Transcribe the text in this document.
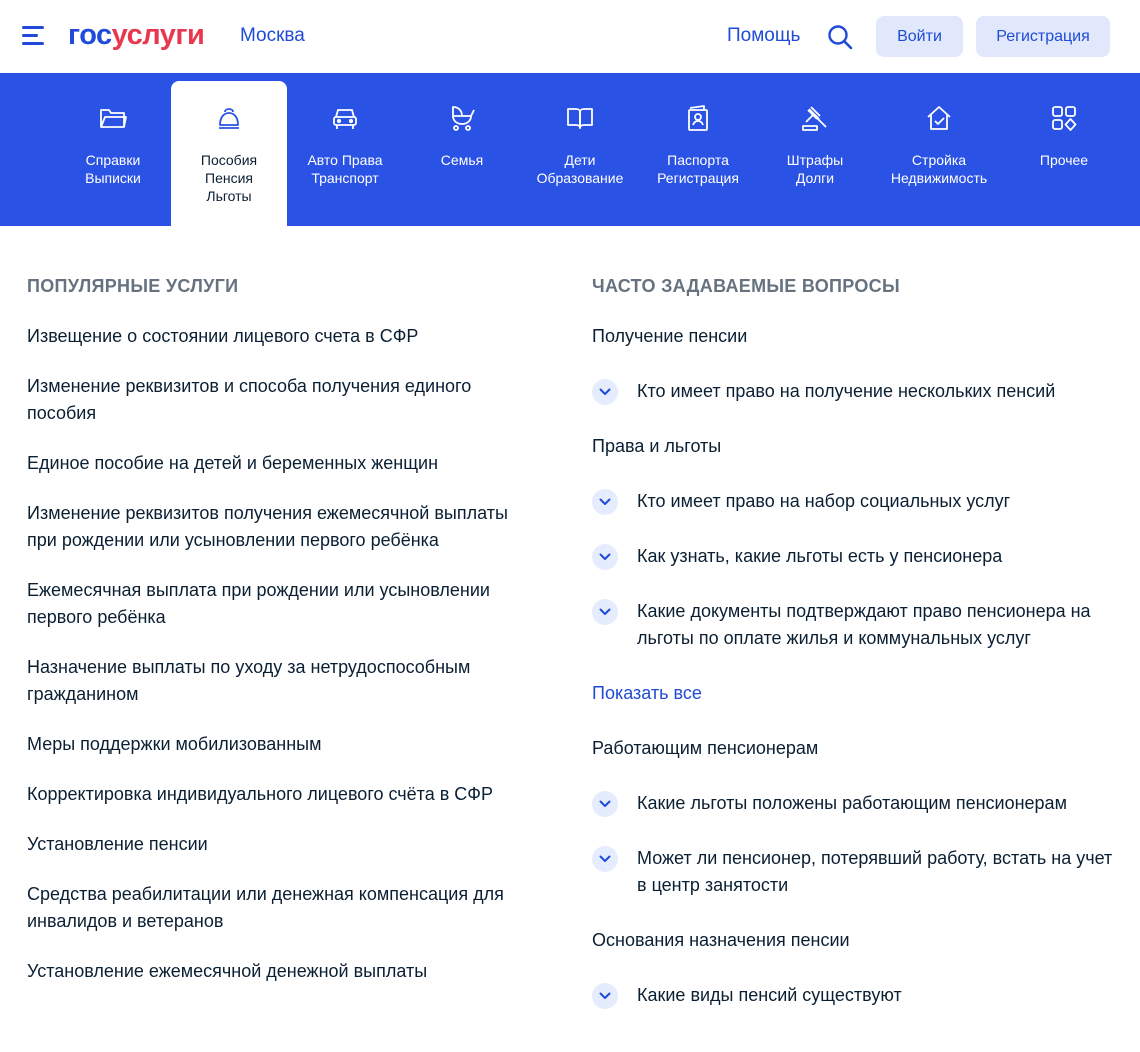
госуслуги Москва	Помощь	Войти	Регистрация
Справки
Выписки
Пособия
Пенсия
Льготы
Авто Права
Транспорт
Семья	Дети
Образование
Паспорта
Регистрация
Штрафы
Долги
Стройка
Недвижимость
Прочее
ПОПУЛЯРНЫЕ УСЛУГИ
Извещение о состоянии лицевого счета в СФР
Изменение реквизитов и способа получения единого пособия
Единое пособие на детей и беременных женщин
Изменение реквизитов получения ежемесячной выплаты при рождении или усыновлении первого ребёнка
Ежемесячная выплата при рождении или усыновлении первого ребёнка
Назначение выплаты по уходу за нетрудоспособным гражданином
Меры поддержки мобилизованным
Корректировка индивидуального лицевого счёта в СФР
Установление пенсии
Средства реабилитации или денежная компенсация для инвалидов и ветеранов
Установление ежемесячной денежной выплаты
ЧАСТО ЗАДАВАЕМЫЕ ВОПРОСЫ
Получение пенсии
Кто имеет право на получение нескольких пенсий
Права и льготы
Кто имеет право на набор социальных услуг
Как узнать, какие льготы есть у пенсионера
Какие документы подтверждают право пенсионера на льготы по оплате жилья и коммунальных услуг
Показать все
Работающим пенсионерам
Какие льготы положены работающим пенсионерам
Может ли пенсионер, потерявший работу, встать на учет в центр занятости
Основания назначения пенсии
Какие виды пенсий существуют
